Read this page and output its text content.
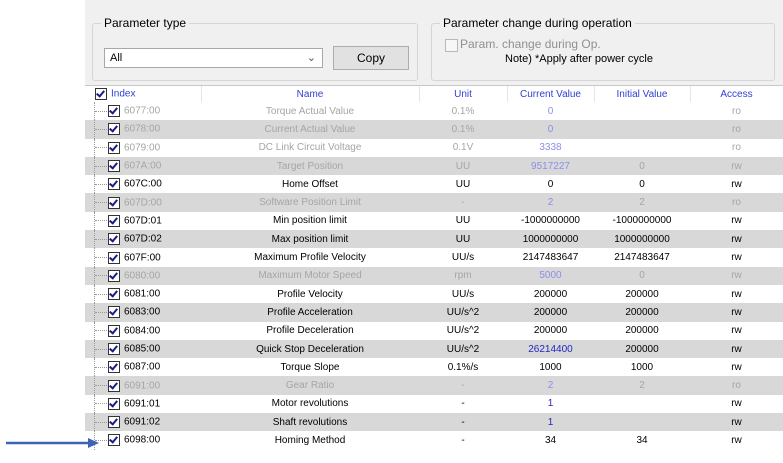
Parameter type
All	⌄	Copy
Parameter change during operation
Param. change during Op.
Note) *Apply after power cycle
Index	Name	Unit	Current Value	Initial Value	Access

6077:00	Torque Actual Value	0.1%	0		ro

6078:00	Current Actual Value	0.1%	0		ro

6079:00	DC Link Circuit Voltage	0.1V	3338		ro

607A:00	Target Position	UU	9517227	0	rw

607C:00	Home Offset	UU	0	0	rw

607D:00	Software Position Limit	-	2	2	ro

607D:01	Min position limit	UU	-1000000000	-1000000000	rw

607D:02	Max position limit	UU	1000000000	1000000000	rw

607F:00	Maximum Profile Velocity	UU/s	2147483647	2147483647	rw

6080:00	Maximum Motor Speed	rpm	5000	0	rw

6081:00	Profile Velocity	UU/s	200000	200000	rw

6083:00	Profile Acceleration	UU/s^2	200000	200000	rw

6084:00	Profile Deceleration	UU/s^2	200000	200000	rw

6085:00	Quick Stop Deceleration	UU/s^2	26214400	200000	rw

6087:00	Torque Slope	0.1%/s	1000	1000	rw

6091:00	Gear Ratio	-	2	2	ro

6091:01	Motor revolutions	-	1		rw

6091:02	Shaft revolutions	-	1		rw

6098:00	Homing Method	-	34	34	rw
